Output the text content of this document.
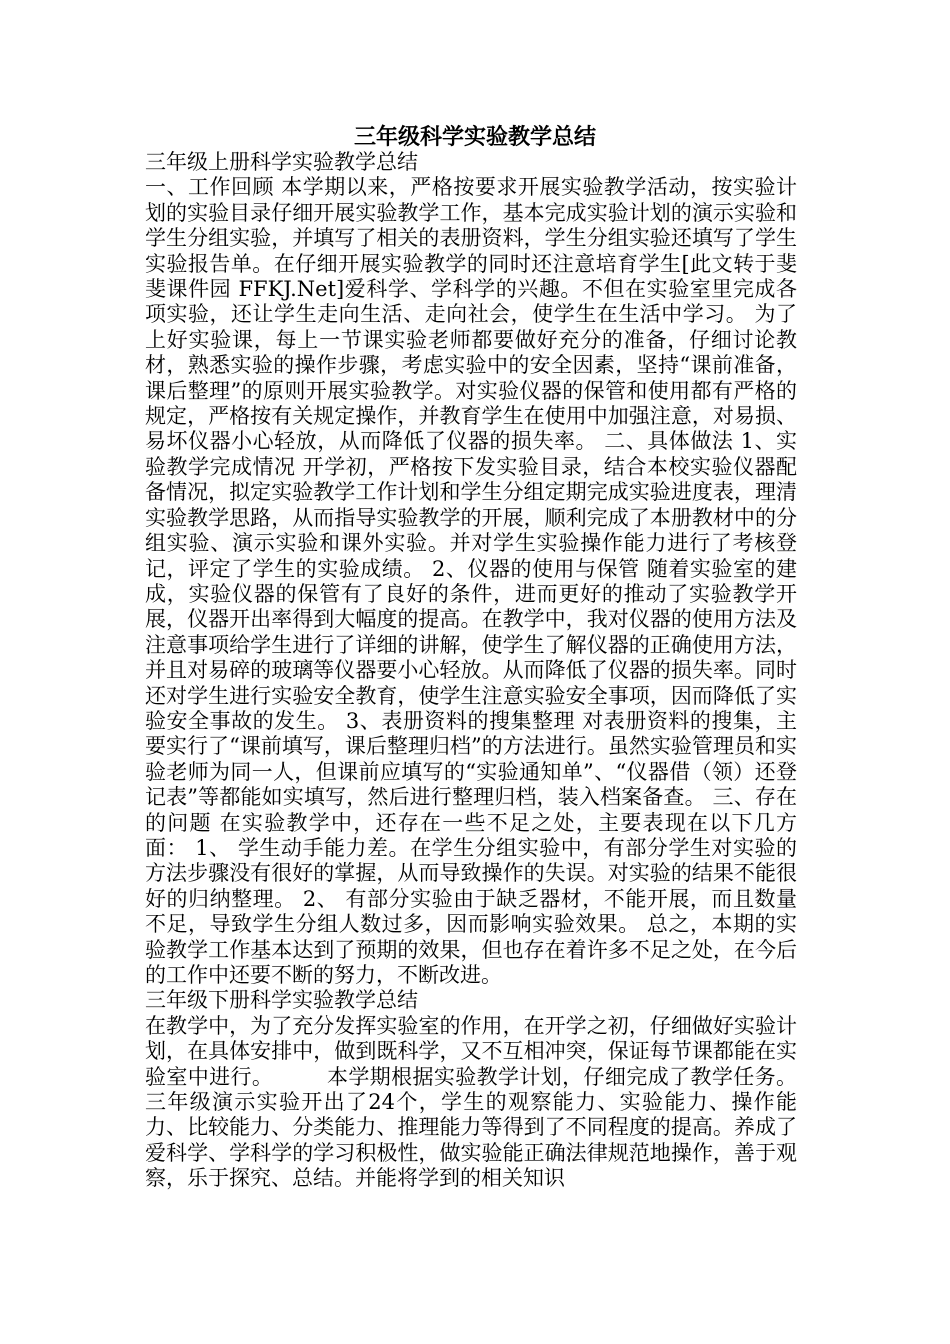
三年级科学实验教学总结
三年级上册科学实验教学总结

一、工作回顾 本学期以来，严格按要求开展实验教学活动，按实验计划的实验目录仔细开展实验教学工作，基本完成实验计划的演示实验和学生分组实验，并填写了相关的表册资料，学生分组实验还填写了学生实验报告单。在仔细开展实验教学的同时还注意培育学生[此文转于斐斐课件园 FFKJ.Net]爱科学、学科学的兴趣。不但在实验室里完成各项实验，还让学生走向生活、走向社会，使学生在生活中学习。 为了上好实验课，每上一节课实验老师都要做好充分的准备，仔细讨论教材，熟悉实验的操作步骤，考虑实验中的安全因素，坚持“课前准备，课后整理”的原则开展实验教学。对实验仪器的保管和使用都有严格的规定，严格按有关规定操作，并教育学生在使用中加强注意，对易损、易坏仪器小心轻放，从而降低了仪器的损失率。 二、具体做法 1、实验教学完成情况 开学初，严格按下发实验目录，结合本校实验仪器配备情况，拟定实验教学工作计划和学生分组定期完成实验进度表，理清实验教学思路，从而指导实验教学的开展，顺利完成了本册教材中的分组实验、演示实验和课外实验。并对学生实验操作能力进行了考核登记，评定了学生的实验成绩。 2、仪器的使用与保管 随着实验室的建成，实验仪器的保管有了良好的条件，进而更好的推动了实验教学开展，仪器开出率得到大幅度的提高。在教学中，我对仪器的使用方法及注意事项给学生进行了详细的讲解，使学生了解仪器的正确使用方法，并且对易碎的玻璃等仪器要小心轻放。从而降低了仪器的损失率。同时还对学生进行实验安全教育，使学生注意实验安全事项，因而降低了实验安全事故的发生。 3、表册资料的搜集整理 对表册资料的搜集，主要实行了“课前填写，课后整理归档”的方法进行。虽然实验管理员和实验老师为同一人，但课前应填写的“实验通知单”、“仪器借（领）还登记表”等都能如实填写，然后进行整理归档，装入档案备查。 三、存在的问题 在实验教学中，还存在一些不足之处，主要表现在以下几方面： 1、 学生动手能力差。在学生分组实验中，有部分学生对实验的方法步骤没有很好的掌握，从而导致操作的失误。对实验的结果不能很好的归纳整理。 2、 有部分实验由于缺乏器材，不能开展，而且数量不足，导致学生分组人数过多，因而影响实验效果。 总之，本期的实验教学工作基本达到了预期的效果，但也存在着许多不足之处，在今后的工作中还要不断的努力，不断改进。

三年级下册科学实验教学总结

在教学中，为了充分发挥实验室的作用，在开学之初，仔细做好实验计划，在具体安排中，做到既科学，又不互相冲突，保证每节课都能在实验室中进行。　　　本学期根据实验教学计划，仔细完成了教学任务。三年级演示实验开出了24个，学生的观察能力、实验能力、操作能力、比较能力、分类能力、推理能力等得到了不同程度的提高。养成了爱科学、学科学的学习积极性，做实验能正确法律规范地操作，善于观察，乐于探究、总结。并能将学到的相关知识
